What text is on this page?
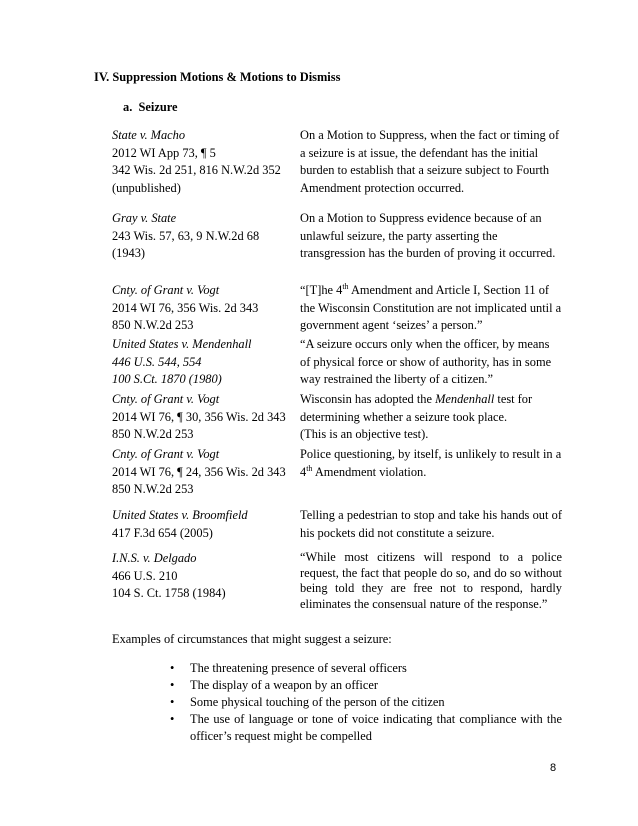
IV. Suppression Motions & Motions to Dismiss
a. Seizure
State v. Macho
2012 WI App 73, ¶ 5
342 Wis. 2d 251, 816 N.W.2d 352
(unpublished)
On a Motion to Suppress, when the fact or timing of a seizure is at issue, the defendant has the initial burden to establish that a seizure subject to Fourth Amendment protection occurred.
Gray v. State
243 Wis. 57, 63, 9 N.W.2d 68
(1943)
On a Motion to Suppress evidence because of an unlawful seizure, the party asserting the transgression has the burden of proving it occurred.
Cnty. of Grant v. Vogt
2014 WI 76, 356 Wis. 2d 343
850 N.W.2d 253
“[T]he 4th Amendment and Article I, Section 11 of the Wisconsin Constitution are not implicated until a government agent ‘seizes’ a person.”
United States v. Mendenhall
446 U.S. 544, 554
100 S.Ct. 1870 (1980)
“A seizure occurs only when the officer, by means of physical force or show of authority, has in some way restrained the liberty of a citizen.”
Cnty. of Grant v. Vogt
2014 WI 76, ¶ 30, 356 Wis. 2d 343
850 N.W.2d 253
Wisconsin has adopted the Mendenhall test for determining whether a seizure took place.
(This is an objective test).
Cnty. of Grant v. Vogt
2014 WI 76, ¶ 24, 356 Wis. 2d 343
850 N.W.2d 253
Police questioning, by itself, is unlikely to result in a 4th Amendment violation.
United States v. Broomfield
417 F.3d 654 (2005)
Telling a pedestrian to stop and take his hands out of his pockets did not constitute a seizure.
I.N.S. v. Delgado
466 U.S. 210
104 S. Ct. 1758 (1984)
“While most citizens will respond to a police request, the fact that people do so, and do so without being told they are free not to respond, hardly eliminates the consensual nature of the response.”
Examples of circumstances that might suggest a seizure:
• The threatening presence of several officers
• The display of a weapon by an officer
• Some physical touching of the person of the citizen
• The use of language or tone of voice indicating that compliance with the officer’s request might be compelled
8
